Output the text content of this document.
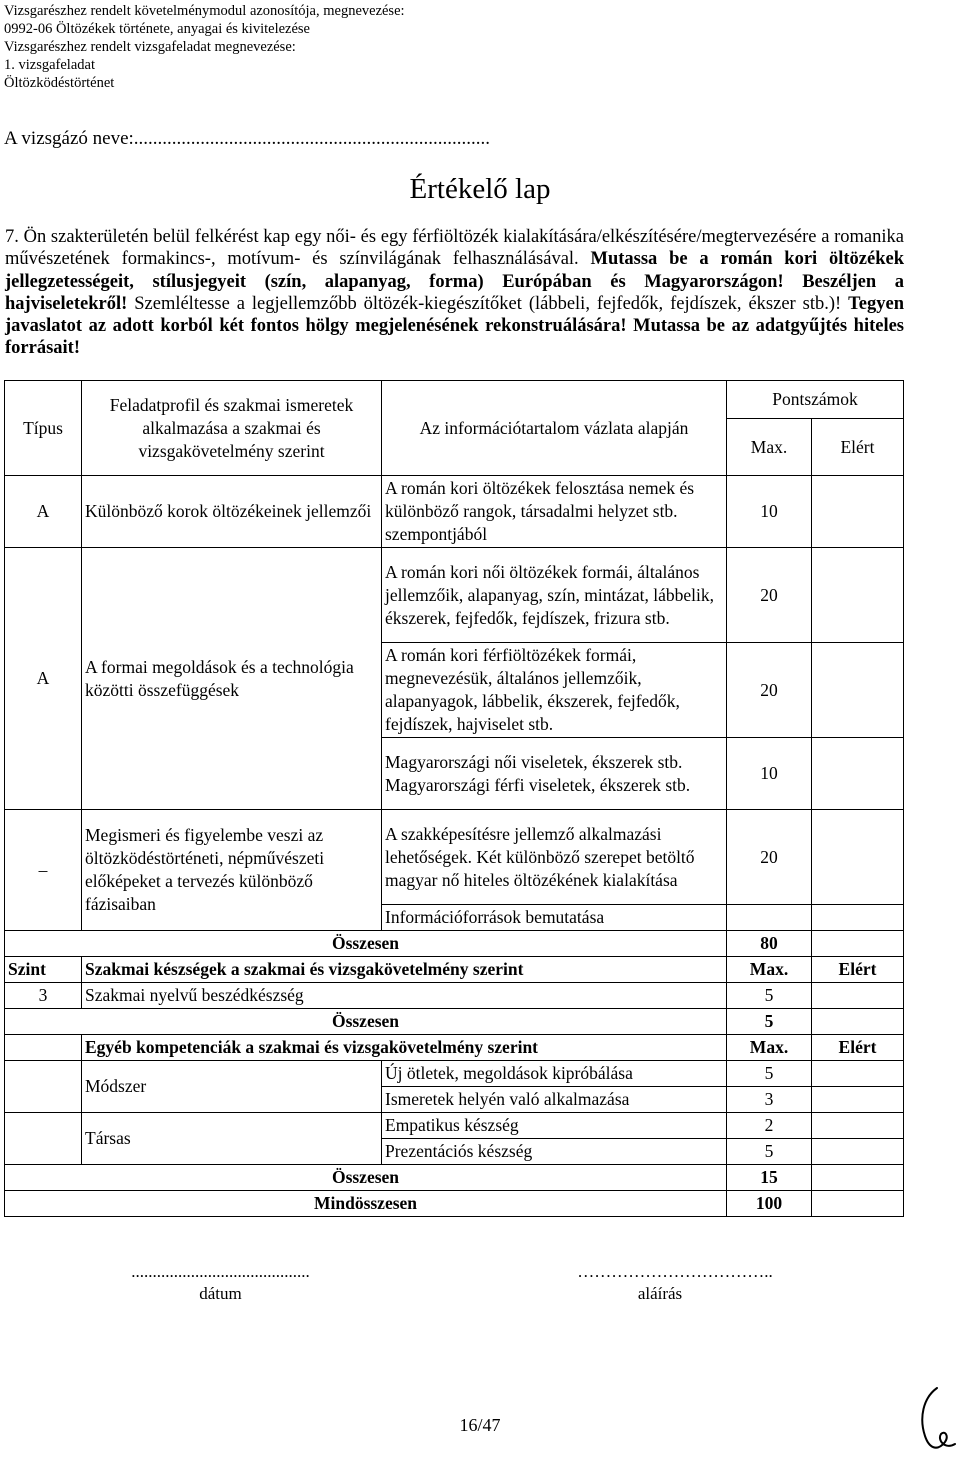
Vizsgarészhez rendelt követelménymodul azonosítója, megnevezése:
0992-06 Öltözékek története, anyagai és kivitelezése
Vizsgarészhez rendelt vizsgafeladat megnevezése:
1. vizsgafeladat
Öltözködéstörténet
A vizsgázó neve:...........................................................................
Értékelő lap
7. Ön szakterületén belül felkérést kap egy női- és egy férfiöltözék kialakítására/elkészítésére/megtervezésére a romanika művészetének formakincs-, motívum- és színvilágának felhasználásával. Mutassa be a román kori öltözékek jellegzetességeit, stílusjegyeit (szín, alapanyag, forma) Európában és Magyarországon! Beszéljen a hajviseletekről! Szemléltesse a legjellemzőbb öltözék-kiegészítőket (lábbeli, fejfedők, fejdíszek, ékszer stb.)! Tegyen javaslatot az adott korból két fontos hölgy megjelenésének rekonstruálására! Mutassa be az adatgyűjtés hiteles forrásait!
Típus	Feladatprofil és szakmai ismeretek alkalmazása a szakmai és vizsgakövetelmény szerint	Az információtartalom vázlata alapján	Pontszámok	
			Max.	Elért
A	Különböző korok öltözékeinek jellemzői	A román kori öltözékek felosztása nemek és különböző rangok, társadalmi helyzet stb. szempontjából	10	
A	A formai megoldások és a technológia közötti összefüggések	A román kori női öltözékek formái, általános jellemzőik, alapanyag, szín, mintázat, lábbelik, ékszerek, fejfedők, fejdíszek, frizura stb.	20	
		A román kori férfiöltözékek formái, megnevezésük, általános jellemzőik, alapanyagok, lábbelik, ékszerek, fejfedők, fejdíszek, hajviselet stb.	20	
		Magyarországi női viseletek, ékszerek stb. Magyarországi férfi viseletek, ékszerek stb.	10	
–	Megismeri és figyelembe veszi az öltözködéstörténeti, népművészeti előképeket a tervezés különböző fázisaiban	A szakképesítésre jellemző alkalmazási lehetőségek. Két különböző szerepet betöltő magyar nő hiteles öltözékének kialakítása	20	
		Információforrások bemutatása		
Összesen			80	
Szint	Szakmai készségek a szakmai és vizsgakövetelmény szerint		Max.	Elért
3	Szakmai nyelvű beszédkészség		5	
Összesen			5	
	Egyéb kompetenciák a szakmai és vizsgakövetelmény szerint		Max.	Elért
	Módszer	Új ötletek, megoldások kipróbálása	5	
		Ismeretek helyén való alkalmazása	3	
	Társas	Empatikus készség	2	
		Prezentációs készség	5	
Összesen			15	
Mindösszesen			100	
..........................................
dátum
……………………………..
aláírás
16/47
